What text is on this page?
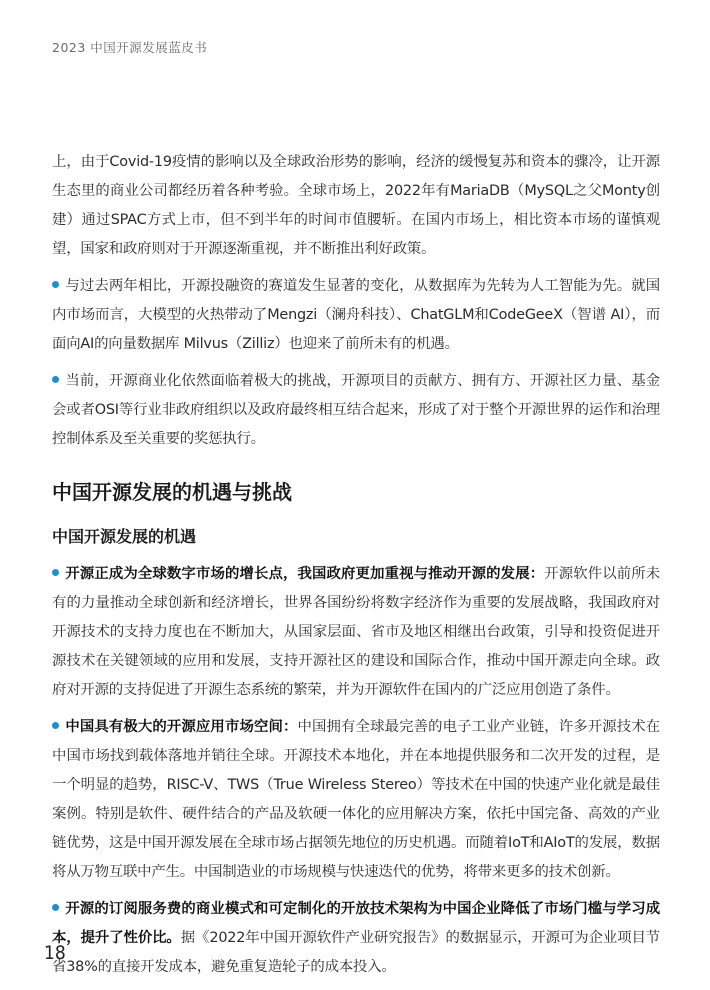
2023 中国开源发展蓝皮书

上，由于Covid-19疫情的影响以及全球政治形势的影响，经济的缓慢复苏和资本的骤冷，让开源生态里的商业公司都经历着各种考验。全球市场上，2022年有MariaDB（MySQL之父Monty创建）通过SPAC方式上市，但不到半年的时间市值腰斩。在国内市场上，相比资本市场的谨慎观望，国家和政府则对于开源逐渐重视，并不断推出利好政策。

与过去两年相比，开源投融资的赛道发生显著的变化，从数据库为先转为人工智能为先。就国内市场而言，大模型的火热带动了Mengzi（澜舟科技）、ChatGLM和CodeGeeX（智谱 AI），而面向AI的向量数据库 Milvus（Zilliz）也迎来了前所未有的机遇。

当前，开源商业化依然面临着极大的挑战，开源项目的贡献方、拥有方、开源社区力量、基金会或者OSI等行业非政府组织以及政府最终相互结合起来，形成了对于整个开源世界的运作和治理控制体系及至关重要的奖惩执行。

中国开源发展的机遇与挑战
中国开源发展的机遇

开源正成为全球数字市场的增长点，我国政府更加重视与推动开源的发展：开源软件以前所未有的力量推动全球创新和经济增长，世界各国纷纷将数字经济作为重要的发展战略，我国政府对开源技术的支持力度也在不断加大，从国家层面、省市及地区相继出台政策，引导和投资促进开源技术在关键领域的应用和发展，支持开源社区的建设和国际合作，推动中国开源走向全球。政府对开源的支持促进了开源生态系统的繁荣，并为开源软件在国内的广泛应用创造了条件。

中国具有极大的开源应用市场空间：中国拥有全球最完善的电子工业产业链，许多开源技术在中国市场找到载体落地并销往全球。开源技术本地化，并在本地提供服务和二次开发的过程，是一个明显的趋势，RISC-V、TWS（True Wireless Stereo）等技术在中国的快速产业化就是最佳案例。特别是软件、硬件结合的产品及软硬一体化的应用解决方案，依托中国完备、高效的产业链优势，这是中国开源发展在全球市场占据领先地位的历史机遇。而随着IoT和AIoT的发展，数据将从万物互联中产生。中国制造业的市场规模与快速迭代的优势，将带来更多的技术创新。

开源的订阅服务费的商业模式和可定制化的开放技术架构为中国企业降低了市场门槛与学习成本，提升了性价比。据《2022年中国开源软件产业研究报告》的数据显示，开源可为企业项目节省38%的直接开发成本，避免重复造轮子的成本投入。

18
